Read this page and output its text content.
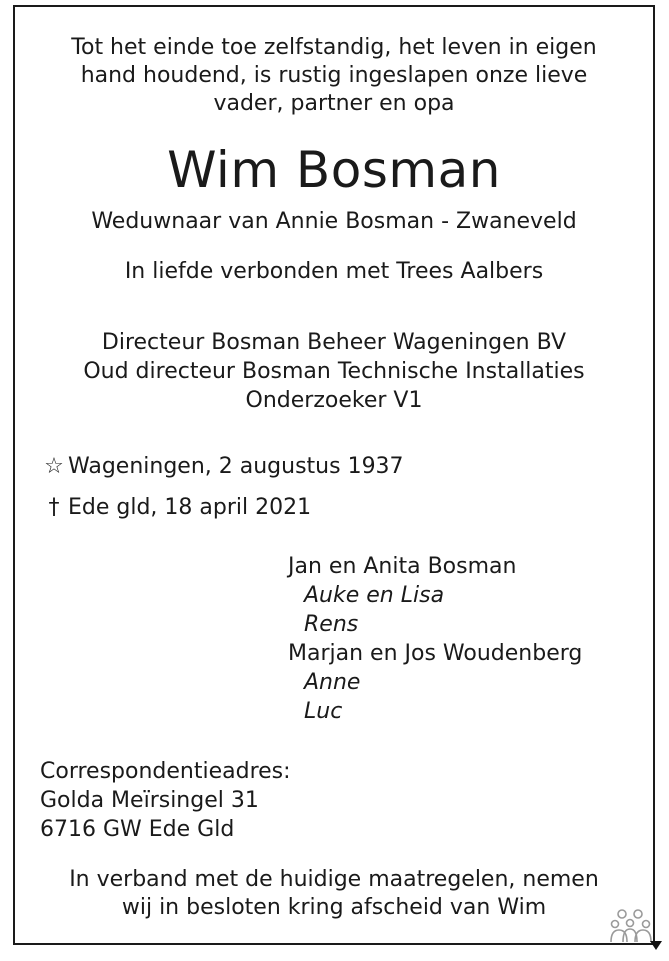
Tot het einde toe zelfstandig, het leven in eigen
hand houdend, is rustig ingeslapen onze lieve
vader, partner en opa
Wim Bosman
Weduwnaar van Annie Bosman - Zwaneveld
In liefde verbonden met Trees Aalbers
Directeur Bosman Beheer Wageningen BV
Oud directeur Bosman Technische Installaties
Onderzoeker V1
☆ Wageningen, 2 augustus 1937
† Ede gld, 18 april 2021
Jan en Anita Bosman
Auke en Lisa
Rens
Marjan en Jos Woudenberg
Anne
Luc
Correspondentieadres:
Golda Meïrsingel 31
6716 GW Ede Gld
In verband met de huidige maatregelen, nemen
wij in besloten kring afscheid van Wim
